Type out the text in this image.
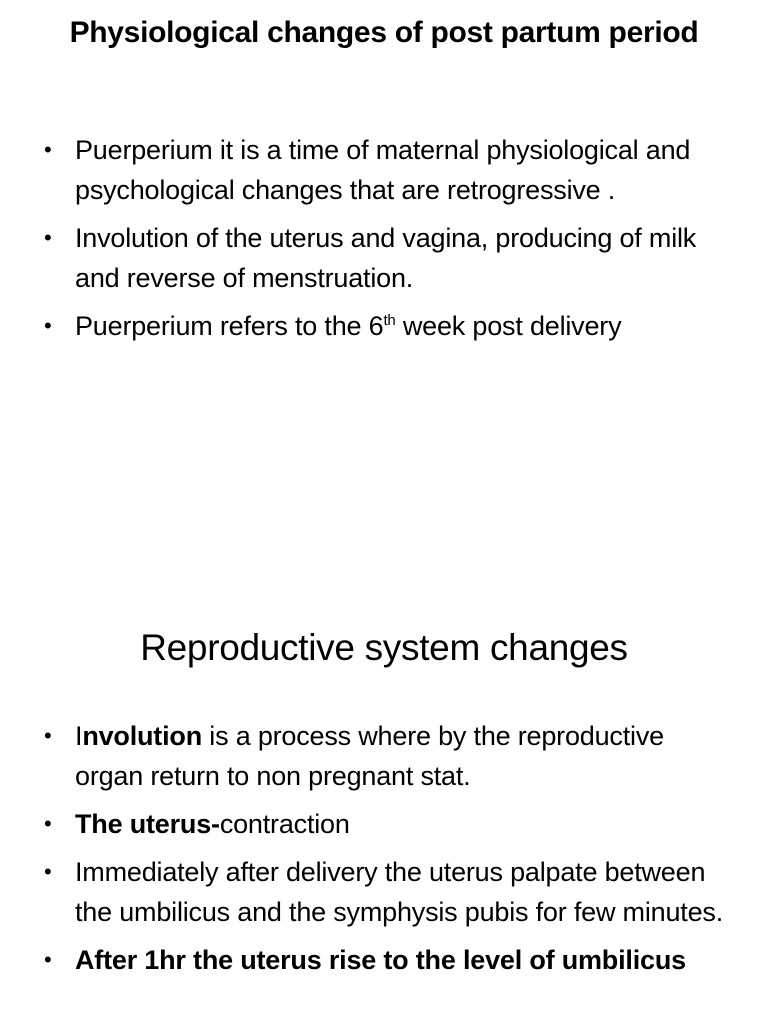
Physiological changes of post partum period
• Puerperium it is a time of maternal physiological and psychological changes that are retrogressive .
• Involution of the uterus and vagina, producing of milk and reverse of menstruation.
• Puerperium refers to the 6th week post delivery
Reproductive system changes
• Involution is a process where by the reproductive organ return to non pregnant stat.
• The uterus-contraction
• Immediately after delivery the uterus palpate between the umbilicus and the symphysis pubis for few minutes.
• After 1hr the uterus rise to the level of umbilicus
